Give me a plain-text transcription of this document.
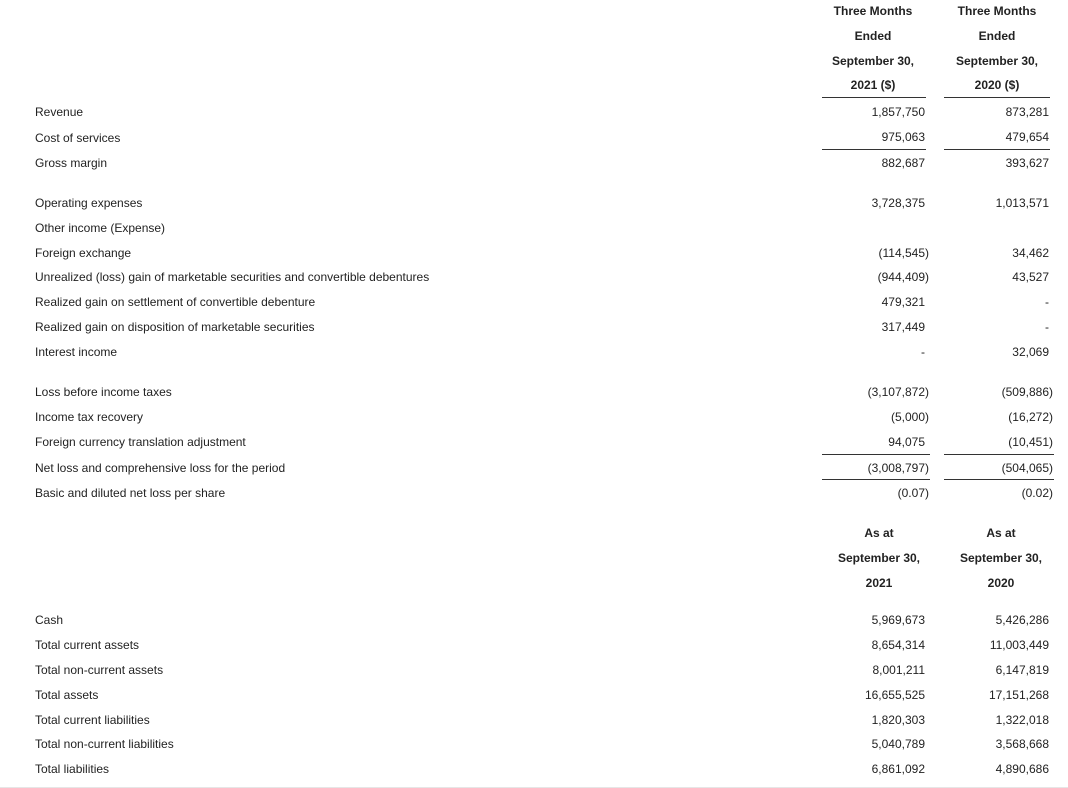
Three Months
Ended
September 30,
2021 ($)
Three Months
Ended
September 30,
2020 ($)
Revenue	1,857,750	873,281
Cost of services	975,063	479,654
Gross margin	882,687	393,627
Operating expenses	3,728,375	1,013,571
Other income (Expense)
Foreign exchange	(114,545)	34,462
Unrealized (loss) gain of marketable securities and convertible debentures	(944,409)	43,527
Realized gain on settlement of convertible debenture	479,321	-
Realized gain on disposition of marketable securities	317,449	-
Interest income	-	32,069
Loss before income taxes	(3,107,872)	(509,886)
Income tax recovery	(5,000)	(16,272)
Foreign currency translation adjustment	94,075	(10,451)
Net loss and comprehensive loss for the period	(3,008,797)	(504,065)
Basic and diluted net loss per share	(0.07)	(0.02)
As at
September 30,
2021
As at
September 30,
2020
Cash	5,969,673	5,426,286
Total current assets	8,654,314	11,003,449
Total non-current assets	8,001,211	6,147,819
Total assets	16,655,525	17,151,268
Total current liabilities	1,820,303	1,322,018
Total non-current liabilities	5,040,789	3,568,668
Total liabilities	6,861,092	4,890,686
